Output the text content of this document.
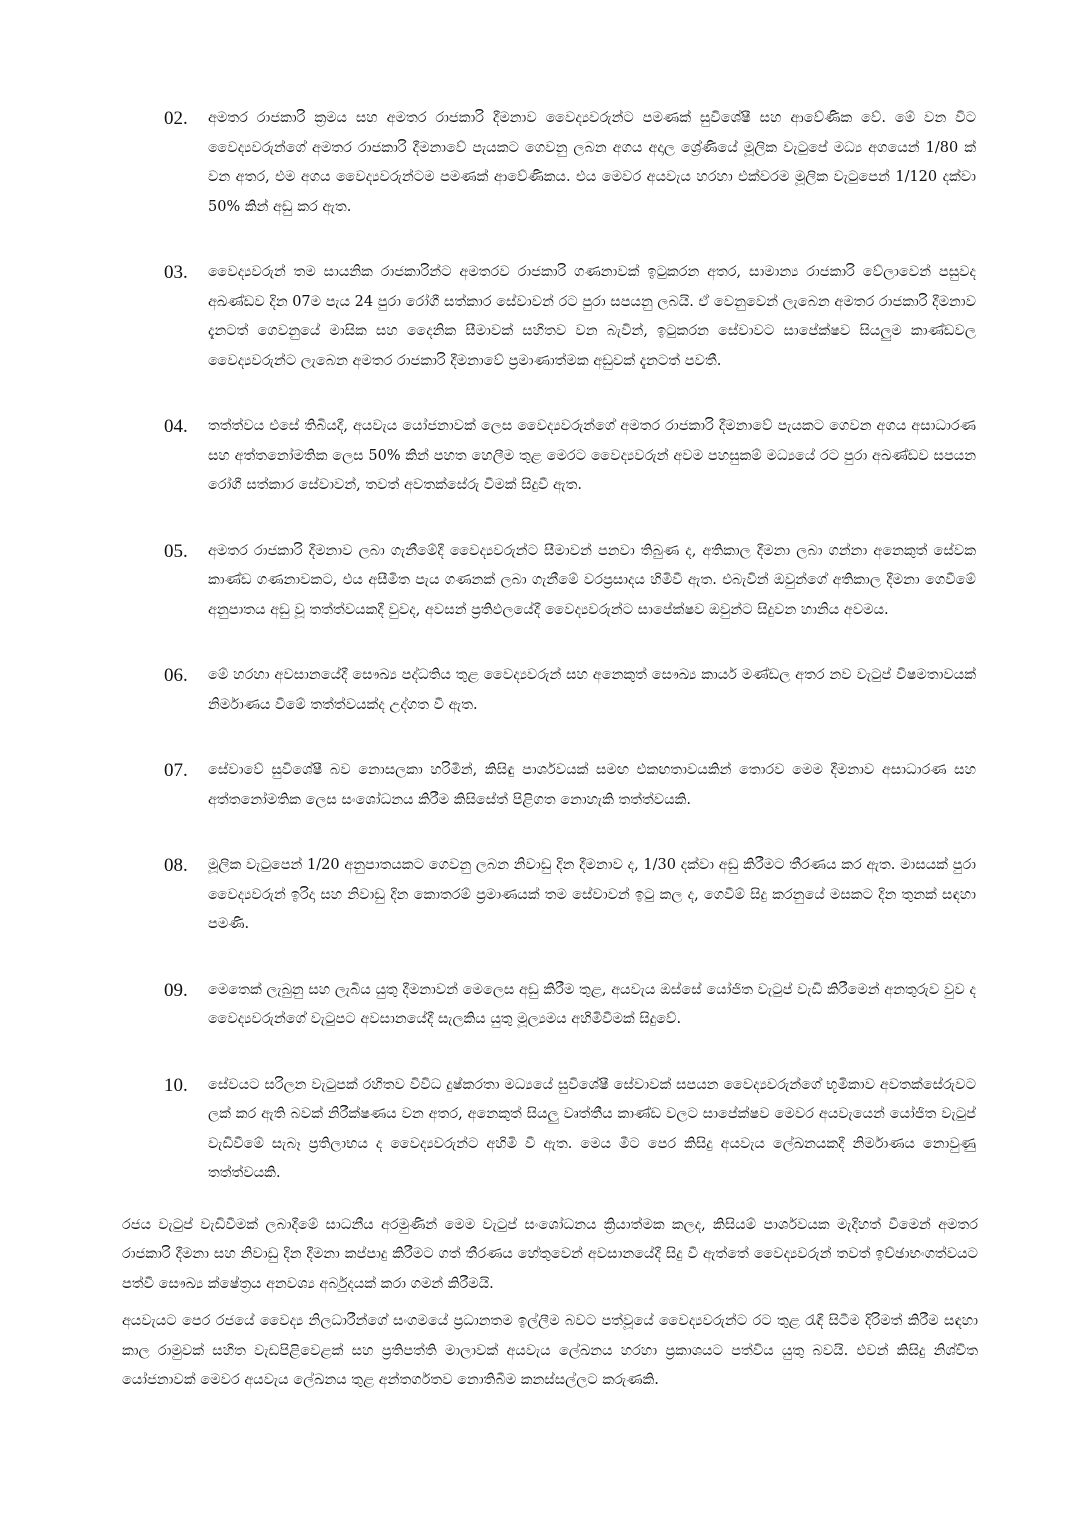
02. අමතර රාජකාරි ක්‍රමය සහ අමතර රාජකාරි දීමනාව වෛද්‍යවරුන්ට පමණක් සුවිශේෂී සහ ආවේණික වේ. මේ වන විට වෛද්‍යවරුන්ගේ අමතර රාජකාරි දීමනාවේ පැයකට ගෙවනු ලබන අගය අදාල ශ්‍රේණියේ මූලික වැටුපේ මධ්‍ය අගයෙන් 1/80 ක් වන අතර, එම අගය වෛද්‍යවරුන්ටම පමණක් ආවේණිකය. එය මෙවර අයවැය හරහා එක්වරම මූලික වැටුපෙන් 1/120 දක්වා 50% කින් අඩු කර ඇත.

03. වෛද්‍යවරුන් තම සායනික රාජකාරින්ට අමතරව රාජකාරි ගණනාවක් ඉටුකරන අතර, සාමාන්‍ය රාජකාරි වේලාවෙන් පසුවද අඛණ්ඩව දින 07ම පැය 24 පුරා රෝගී සත්කාර සේවාවන් රට පුරා සපයනු ලබයි. ඒ වෙනුවෙන් ලැබෙන අමතර රාජකාරි දීමනාව දැනටත් ගෙවනුයේ මාසික සහ දෛනික සීමාවක් සහිතව වන බැවින්, ඉටුකරන සේවාවට සාපේක්ෂව සියලුම කාණ්ඩවල වෛද්‍යවරුන්ට ලැබෙන අමතර රාජකාරි දීමනාවේ ප්‍රමාණාත්මක අඩුවක් දැනටත් පවතී.

04. තත්ත්වය එසේ තිබියදී, අයවැය යෝජනාවක් ලෙස වෛද්‍යවරුන්ගේ අමතර රාජකාරි දීමනාවේ පැයකට ගෙවන අගය අසාධාරණ සහ අත්තනෝමතික ලෙස 50% කින් පහත හෙලීම තුළ මෙරට වෛද්‍යවරුන් අවම පහසුකම් මධ්‍යයේ රට පුරා අඛණ්ඩව සපයන රෝගී සත්කාර සේවාවන්, තවත් අවතක්සේරු වීමක් සිදුවී ඇත.

05. අමතර රාජකාරි දීමනාව ලබා ගැනීමේදී වෛද්‍යවරුන්ට සීමාවන් පනවා තිබුණ ද, අතිකාල දීමනා ලබා ගන්නා අනෙකුත් සේවක කාණ්ඩ ගණනාවකට, එය අසීමිත පැය ගණනක් ලබා ගැනීමේ වරප්‍රසාදය හිමිවී ඇත. එබැවින් ඔවුන්ගේ අතිකාල දීමනා ගෙවීමේ අනුපාතය අඩු වූ තත්ත්වයකදී වුවද, අවසන් ප්‍රතිඵලයේදී වෛද්‍යවරුන්ට සාපේක්ෂව ඔවුන්ට සිදුවන හානිය අවමය.

06. මේ හරහා අවසානයේදී සෞඛ්‍ය පද්ධතිය තුළ වෛද්‍යවරුන් සහ අනෙකුත් සෞඛ්‍ය කාර්ය මණ්ඩල අතර නව වැටුප් විෂමතාවයක් නිර්මාණය වීමේ තත්ත්වයක්ද උද්ගත වී ඇත.

07. සේවාවේ සුවිශේෂී බව නොසලකා හරිමින්, කිසිඳු පාර්ශවයක් සමඟ එකඟතාවයකින් තොරව මෙම දීමනාව අසාධාරණ සහ අත්තනෝමතික ලෙස සංශෝධනය කිරීම කිසිසේත් පිළිගත නොහැකි තත්ත්වයකි.

08. මූලික වැටුපෙන් 1/20 අනුපාතයකට ගෙවනු ලබන නිවාඩු දින දීමනාව ද, 1/30 දක්වා අඩු කිරීමට තීරණය කර ඇත. මාසයක් පුරා වෛද්‍යවරුන් ඉරිදා සහ නිවාඩු දින කොතරම් ප්‍රමාණයක් තම සේවාවන් ඉටු කල ද, ගෙවීම් සිදු කරනුයේ මසකට දින තුනක් සඳහා පමණි.

09. මෙතෙක් ලැබුනු සහ ලැබිය යුතු දීමනාවන් මෙලෙස අඩු කිරීම තුළ, අයවැය ඔස්සේ යෝජිත වැටුප් වැඩි කිරීමෙන් අනතුරුව වුව ද වෛද්‍යවරුන්ගේ වැටුපට අවසානයේදී සැලකිය යුතු මූල්‍යමය අහිමිවීමක් සිදුවේ.

10. සේවයට සරිලන වැටුපක් රහිතව විවිධ දුෂ්කරතා මධ්‍යයේ සුවිශේෂී සේවාවක් සපයන වෛද්‍යවරුන්ගේ භූමිකාව අවතක්සේරුවට ලක් කර ඇති බවක් නිරීක්ෂණය වන අතර, අනෙකුත් සියලු වෘත්තීය කාණ්ඩ වලට සාපේක්ෂව මෙවර අයවැයෙන් යෝජිත වැටුප් වැඩිවීමේ සැබෑ ප්‍රතිලාභය ද වෛද්‍යවරුන්ට අහිමි වී ඇත. මෙය මීට පෙර කිසිදු අයවැය ලේඛනයකදී නිර්මාණය නොවුණු තත්ත්වයකි.

රජය වැටුප් වැඩිවීමක් ලබාදීමේ සාධනීය අරමුණින් මෙම වැටුප් සංශෝධනය ක්‍රියාත්මක කලද, කිසියම් පාර්ශවයක මැදිහත් වීමෙන් අමතර රාජකාරි දීමනා සහ නිවාඩු දින දීමනා කප්පාදු කිරීමට ගත් තීරණය හේතුවෙන් අවසානයේදී සිදු වී ඇත්තේ වෛද්‍යවරුන් තවත් ඉච්ඡාභංගත්වයට පත්වී සෞඛ්‍ය ක්ෂේත්‍රය අනවශ්‍ය අර්බුදයක් කරා ගමන් කිරීමයි.

අයවැයට පෙර රජයේ වෛද්‍ය නිලධාරීන්ගේ සංගමයේ ප්‍රධානතම ඉල්ලීම බවට පත්වූයේ වෛද්‍යවරුන්ට රට තුළ රැඳී සිටීම දිරිමත් කිරීම සඳහා කාල රාමුවක් සහිත වැඩපිළිවෙළක් සහ ප්‍රතිපත්ති මාලාවක් අයවැය ලේඛනය හරහා ප්‍රකාශයට පත්විය යුතු බවයි. එවන් කිසිදු නිශ්චිත යෝජනාවක් මෙවර අයවැය ලේඛනය තුළ අන්තර්ගතව නොතිබීම කනස්සල්ලට කරුණකි.
